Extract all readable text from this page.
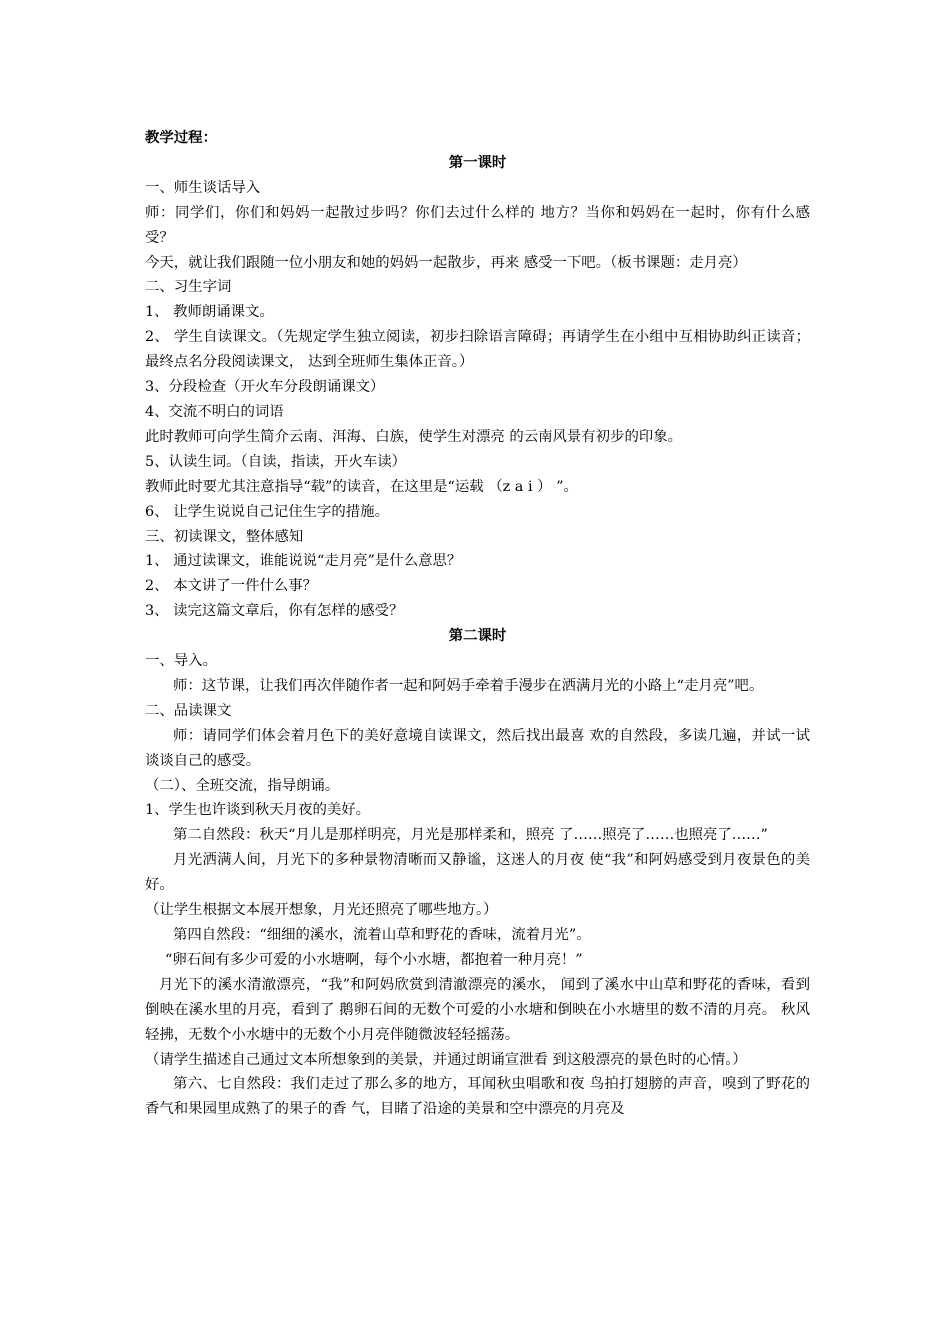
教学过程：

第一课时

一、师生谈话导入

师：同学们，你们和妈妈一起散过步吗？你们去过什么样的 地方？当你和妈妈在一起时，你有什么感受？

今天，就让我们跟随一位小朋友和她的妈妈一起散步，再来 感受一下吧。（板书课题：走月亮）

二、习生字词

1、 教师朗诵课文。

2、 学生自读课文。（先规定学生独立阅读，初步扫除语言障碍；再请学生在小组中互相协助纠正读音；最终点名分段阅读课文， 达到全班师生集体正音。）

3、分段检查（开火车分段朗诵课文）

4、交流不明白的词语

此时教师可向学生简介云南、洱海、白族，使学生对漂亮 的云南风景有初步的印象。

5、认读生词。（自读，指读，开火车读）

教师此时要尤其注意指导“载”的读音，在这里是“运载 （z a i ） ”。

6、 让学生说说自己记住生字的措施。

三、初读课文，整体感知

1、 通过读课文，谁能说说“走月亮”是什么意思？

2、 本文讲了一件什么事？

3、 读完这篇文章后，你有怎样的感受？

第二课时

一、导入。

师：这节课，让我们再次伴随作者一起和阿妈手牵着手漫步在洒满月光的小路上“走月亮”吧。

二、品读课文

师：请同学们体会着月色下的美好意境自读课文，然后找出最喜 欢的自然段，多读几遍，并试一试谈谈自己的感受。

（二）、全班交流，指导朗诵。

1、学生也许谈到秋天月夜的美好。

第二自然段：秋天“月儿是那样明亮，月光是那样柔和，照亮 了……照亮了……也照亮了……”

月光洒满人间，月光下的多种景物清晰而又静谧，这迷人的月夜 使“我”和阿妈感受到月夜景色的美好。

（让学生根据文本展开想象，月光还照亮了哪些地方。）

第四自然段：“细细的溪水，流着山草和野花的香味，流着月光”。

“卵石间有多少可爱的小水塘啊，每个小水塘，都抱着一种月亮！”

月光下的溪水清澈漂亮，“我”和阿妈欣赏到清澈漂亮的溪水， 闻到了溪水中山草和野花的香味，看到倒映在溪水里的月亮，看到了 鹅卵石间的无数个可爱的小水塘和倒映在小水塘里的数不清的月亮。 秋风轻拂，无数个小水塘中的无数个小月亮伴随微波轻轻摇荡。

（请学生描述自己通过文本所想象到的美景，并通过朗诵宣泄看 到这般漂亮的景色时的心情。）

第六、七自然段：我们走过了那么多的地方，耳闻秋虫唱歌和夜 鸟拍打翅膀的声音，嗅到了野花的香气和果园里成熟了的果子的香 气，目睹了沿途的美景和空中漂亮的月亮及
